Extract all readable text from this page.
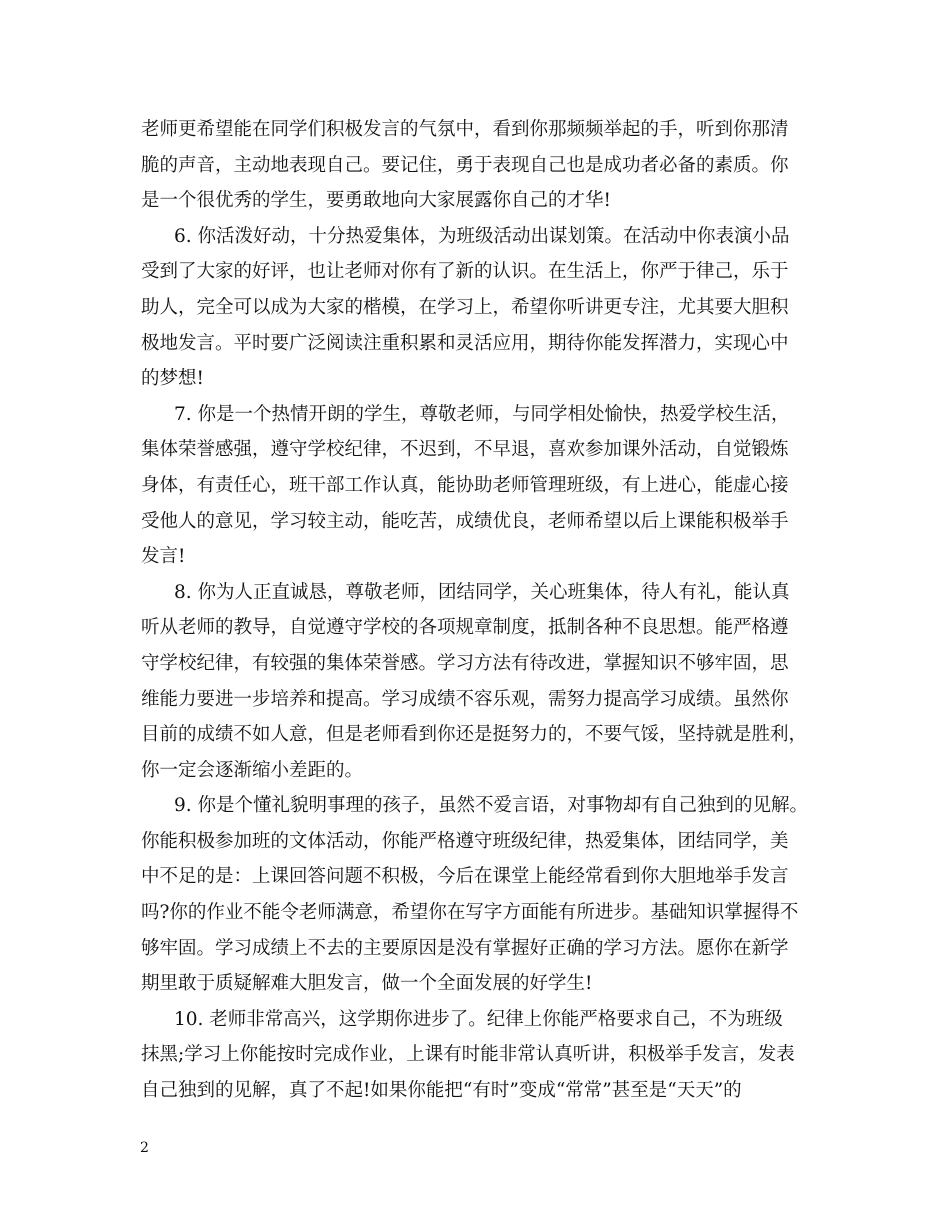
老师更希望能在同学们积极发言的气氛中，看到你那频频举起的手，听到你那清
脆的声音，主动地表现自己。要记住，勇于表现自己也是成功者必备的素质。你
是一个很优秀的学生，要勇敢地向大家展露你自己的才华!
6. 你活泼好动，十分热爱集体，为班级活动出谋划策。在活动中你表演小品
受到了大家的好评，也让老师对你有了新的认识。在生活上，你严于律己，乐于
助人，完全可以成为大家的楷模，在学习上，希望你听讲更专注，尤其要大胆积
极地发言。平时要广泛阅读注重积累和灵活应用，期待你能发挥潜力，实现心中
的梦想!
7. 你是一个热情开朗的学生，尊敬老师，与同学相处愉快，热爱学校生活，
集体荣誉感强，遵守学校纪律，不迟到，不早退，喜欢参加课外活动，自觉锻炼
身体，有责任心，班干部工作认真，能协助老师管理班级，有上进心，能虚心接
受他人的意见，学习较主动，能吃苦，成绩优良，老师希望以后上课能积极举手
发言!
8. 你为人正直诚恳，尊敬老师，团结同学，关心班集体，待人有礼，能认真
听从老师的教导，自觉遵守学校的各项规章制度，抵制各种不良思想。能严格遵
守学校纪律，有较强的集体荣誉感。学习方法有待改进，掌握知识不够牢固，思
维能力要进一步培养和提高。学习成绩不容乐观，需努力提高学习成绩。虽然你
目前的成绩不如人意，但是老师看到你还是挺努力的，不要气馁，坚持就是胜利，
你一定会逐渐缩小差距的。
9. 你是个懂礼貌明事理的孩子，虽然不爱言语，对事物却有自己独到的见解。
你能积极参加班的文体活动，你能严格遵守班级纪律，热爱集体，团结同学，美
中不足的是：上课回答问题不积极，今后在课堂上能经常看到你大胆地举手发言
吗?你的作业不能令老师满意，希望你在写字方面能有所进步。基础知识掌握得不
够牢固。学习成绩上不去的主要原因是没有掌握好正确的学习方法。愿你在新学
期里敢于质疑解难大胆发言，做一个全面发展的好学生!
10. 老师非常高兴，这学期你进步了。纪律上你能严格要求自己，不为班级
抹黑;学习上你能按时完成作业，上课有时能非常认真听讲，积极举手发言，发表
自己独到的见解，真了不起!如果你能把“有时”变成“常常”甚至是“天天”的
2
